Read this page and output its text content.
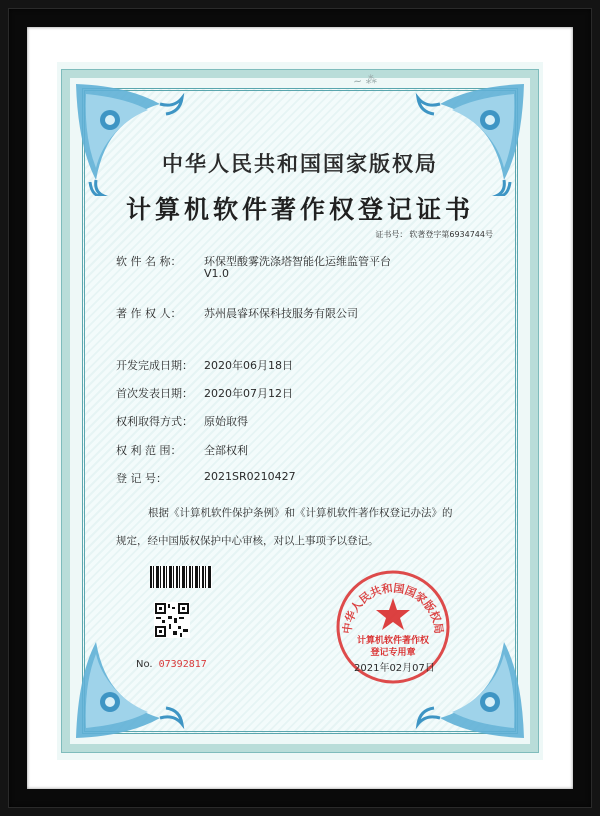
~ ⁂
中华人民共和国国家版权局
计算机软件著作权登记证书
证书号： 软著登字第6934744号
软 件 名 称：	环保型酸雾洗涤塔智能化运维监管平台
V1.0
著 作 权 人：	苏州晨睿环保科技服务有限公司
开发完成日期：	2020年06月18日
首次发表日期：	2020年07月12日
权利取得方式：	原始取得
权 利 范 围：	全部权利
登 记 号：	2021SR0210427
根据《计算机软件保护条例》和《计算机软件著作权登记办法》的
规定，经中国版权保护中心审核，对以上事项予以登记。
No. 07392817
中华人民共和国国家版权局
计算机软件著作权
登记专用章
2021年02月07日
